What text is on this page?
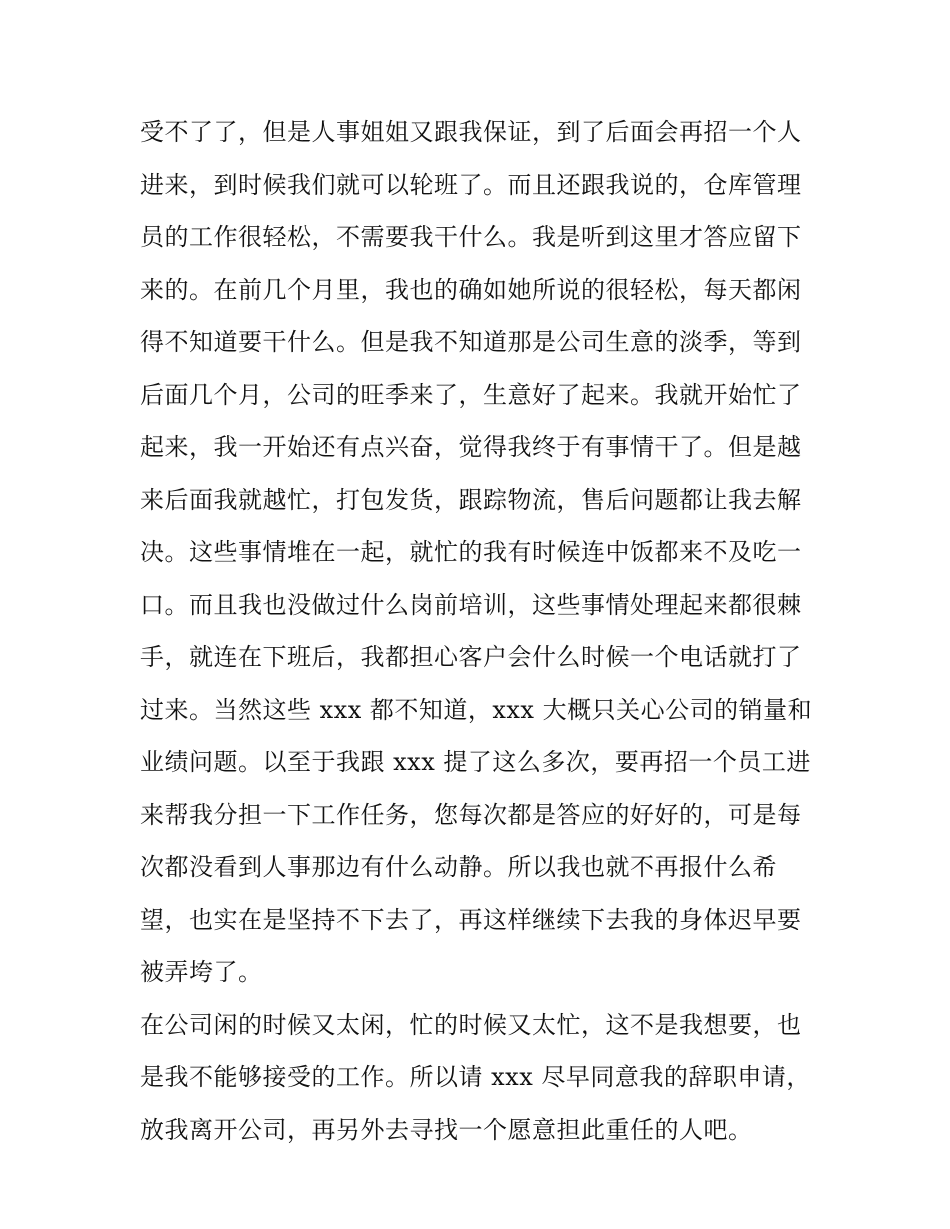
受不了了，但是人事姐姐又跟我保证，到了后面会再招一个人
进来，到时候我们就可以轮班了。而且还跟我说的，仓库管理
员的工作很轻松，不需要我干什么。我是听到这里才答应留下
来的。在前几个月里，我也的确如她所说的很轻松，每天都闲
得不知道要干什么。但是我不知道那是公司生意的淡季，等到
后面几个月，公司的旺季来了，生意好了起来。我就开始忙了
起来，我一开始还有点兴奋，觉得我终于有事情干了。但是越
来后面我就越忙，打包发货，跟踪物流，售后问题都让我去解
决。这些事情堆在一起，就忙的我有时候连中饭都来不及吃一
口。而且我也没做过什么岗前培训，这些事情处理起来都很棘
手，就连在下班后，我都担心客户会什么时候一个电话就打了
过来。当然这些 xxx 都不知道，xxx 大概只关心公司的销量和
业绩问题。以至于我跟 xxx 提了这么多次，要再招一个员工进
来帮我分担一下工作任务，您每次都是答应的好好的，可是每
次都没看到人事那边有什么动静。所以我也就不再报什么希
望，也实在是坚持不下去了，再这样继续下去我的身体迟早要
被弄垮了。
在公司闲的时候又太闲，忙的时候又太忙，这不是我想要，也
是我不能够接受的工作。所以请 xxx 尽早同意我的辞职申请，
放我离开公司，再另外去寻找一个愿意担此重任的人吧。
